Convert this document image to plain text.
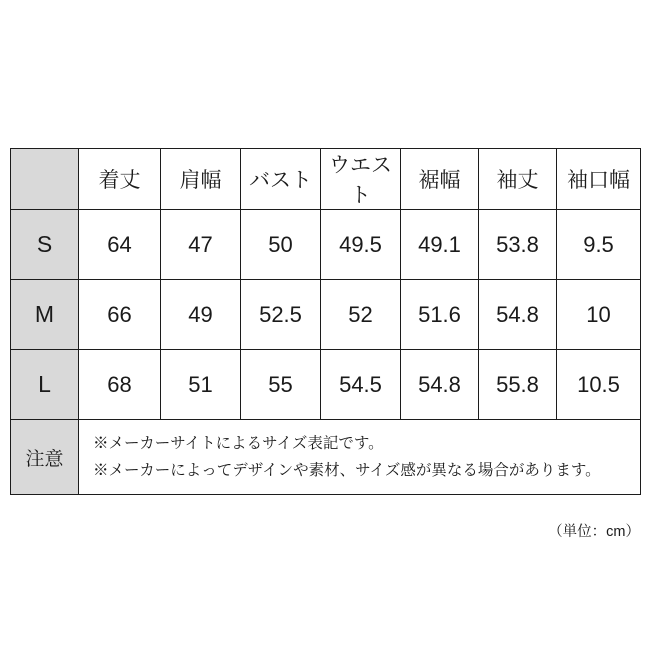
	着丈	肩幅	バスト	ウエスト	裾幅	袖丈	袖口幅
S	64	47	50	49.5	49.1	53.8	9.5
M	66	49	52.5	52	51.6	54.8	10
L	68	51	55	54.5	54.8	55.8	10.5
注意	※メーカーサイトによるサイズ表記です。
※メーカーによってデザインや素材、サイズ感が異なる場合があります。						
（単位：cm）
